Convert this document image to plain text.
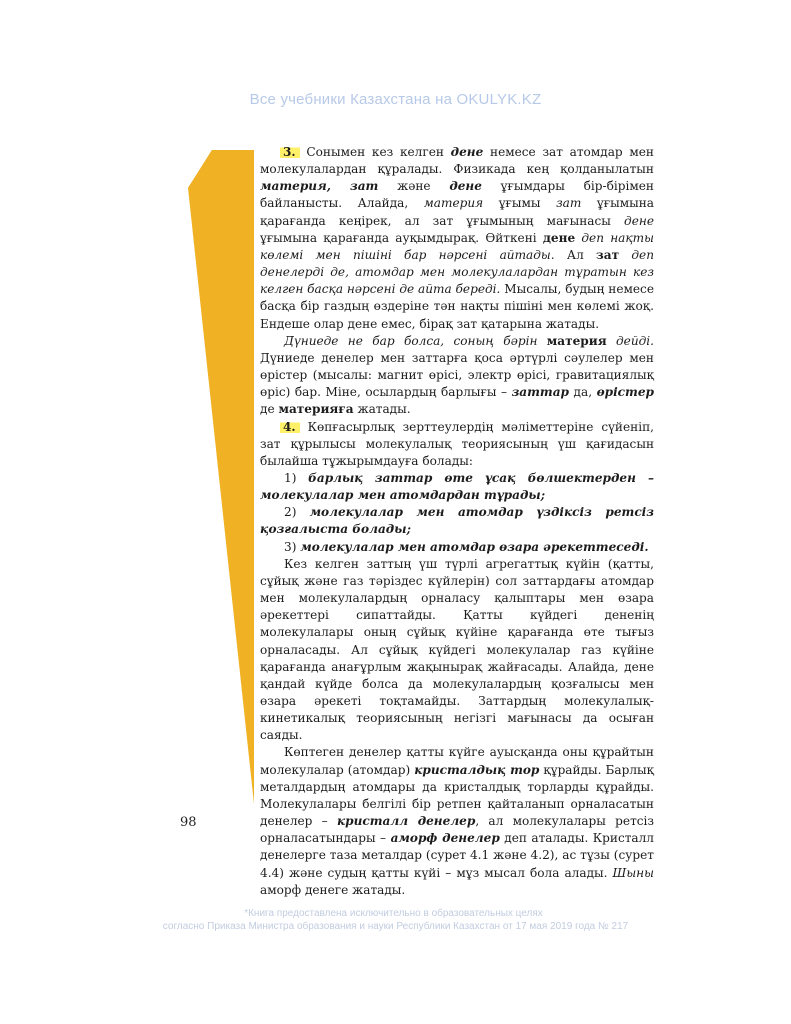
Все учебники Казахстана на OKULYK.KZ

3. Сонымен кез келген дене немесе зат атомдар мен молекулалардан құралады. Физикада кең қолданылатын материя, зат және дене ұғымдары бір-бірімен байланысты. Алайда, материя ұғымы зат ұғымына қарағанда кеңірек, ал зат ұғымының мағынасы дене ұғымына қарағанда ауқымдырақ. Өйткені дене деп нақты көлемі мен пішіні бар нәрсені айтады. Ал зат деп денелерді де, атомдар мен молекулалардан тұратын кез келген басқа нәрсені де айта береді. Мысалы, будың немесе басқа бір газдың өздеріне тән нақты пішіні мен көлемі жоқ. Ендеше олар дене емес, бірақ зат қатарына жатады.

Дүниеде не бар болса, соның бәрін материя дейді. Дүниеде денелер мен заттарға қоса әртүрлі сәулелер мен өрістер (мысалы: магнит өрісі, электр өрісі, гравитациялық өріс) бар. Міне, осылардың барлығы – заттар да, өрістер де материяға жатады.

4. Көпғасырлық зерттеулердің мәліметтеріне сүйеніп, зат құрылысы молекулалық теориясының үш қағидасын былайша тұжырымдауға болады:

1) барлық заттар өте ұсақ бөлшектерден – молекулалар мен атомдардан тұрады;

2) молекулалар мен атомдар үздіксіз ретсіз қозғалыста болады;

3) молекулалар мен атомдар өзара әрекеттеседі.

Кез келген заттың үш түрлі агрегаттық күйін (қатты, сұйық және газ тәріздес күйлерін) сол заттардағы атомдар мен молекулалардың орналасу қалыптары мен өзара әрекеттері сипаттайды. Қатты күйдегі дененің молекулалары оның сұйық күйіне қарағанда өте тығыз орналасады. Ал сұйық күйдегі молекулалар газ күйіне қарағанда анағұрлым жақынырақ жайғасады. Алайда, дене қандай күйде болса да молекулалардың қозғалысы мен өзара әрекеті тоқтамайды. Заттардың молекулалық-кинетикалық теориясының негізгі мағынасы да осыған саяды.

Көптеген денелер қатты күйге ауысқанда оны құрайтын молекулалар (атомдар) кристалдық тор құрайды. Барлық металдардың атомдары да кристалдық торларды құрайды. Молекулалары белгілі бір ретпен қайталанып орналасатын денелер – кристалл денелер, ал молекулалары ретсіз орналасатындары – аморф денелер деп аталады. Кристалл денелерге таза металдар (сурет 4.1 және 4.2), ас тұзы (сурет 4.4) және судың қатты күйі – мұз мысал бола алады. Шыны аморф денеге жатады.

98
*Книга предоставлена исключительно в образовательных целях
согласно Приказа Министра образования и науки Республики Казахстан от 17 мая 2019 года № 217
